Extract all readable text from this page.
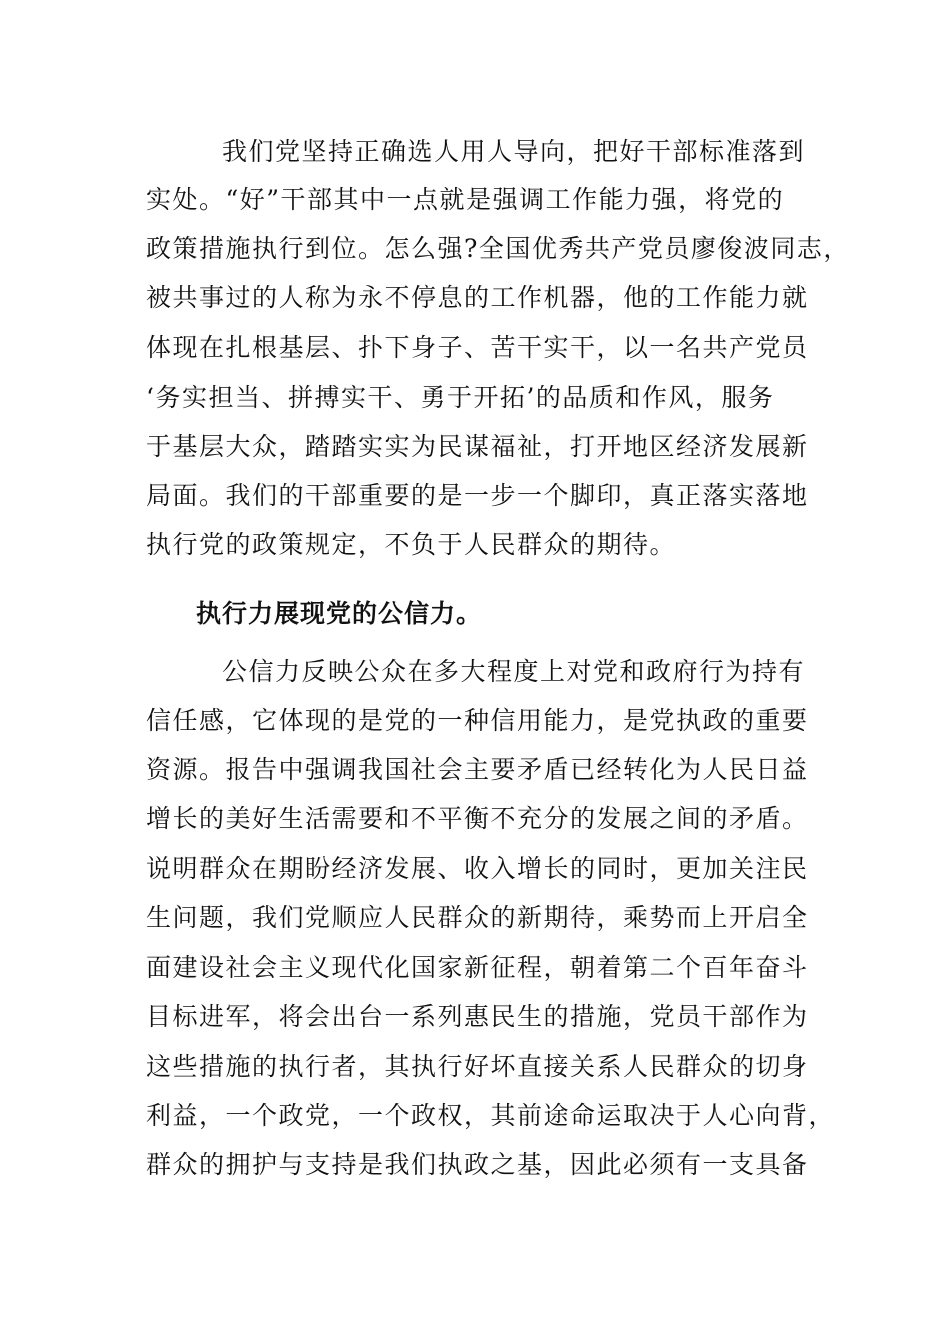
我们党坚持正确选人用人导向，把好干部标准落到
实处。“好”干部其中一点就是强调工作能力强，将党的
政策措施执行到位。怎么强?全国优秀共产党员廖俊波同志，
被共事过的人称为永不停息的工作机器，他的工作能力就
体现在扎根基层、扑下身子、苦干实干，以一名共产党员
‘务实担当、拼搏实干、勇于开拓’的品质和作风，服务
于基层大众，踏踏实实为民谋福祉，打开地区经济发展新
局面。我们的干部重要的是一步一个脚印，真正落实落地
执行党的政策规定，不负于人民群众的期待。
执行力展现党的公信力。
公信力反映公众在多大程度上对党和政府行为持有
信任感，它体现的是党的一种信用能力，是党执政的重要
资源。报告中强调我国社会主要矛盾已经转化为人民日益
增长的美好生活需要和不平衡不充分的发展之间的矛盾。
说明群众在期盼经济发展、收入增长的同时，更加关注民
生问题，我们党顺应人民群众的新期待，乘势而上开启全
面建设社会主义现代化国家新征程，朝着第二个百年奋斗
目标进军，将会出台一系列惠民生的措施，党员干部作为
这些措施的执行者，其执行好坏直接关系人民群众的切身
利益，一个政党，一个政权，其前途命运取决于人心向背，
群众的拥护与支持是我们执政之基，因此必须有一支具备
